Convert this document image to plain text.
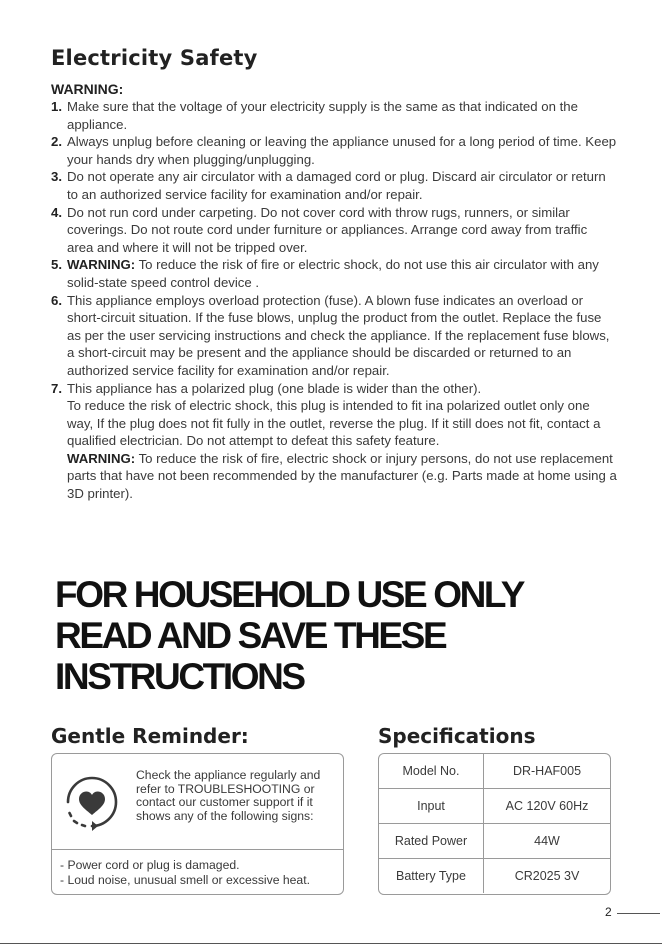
Electricity Safety
WARNING:
1. Make sure that the voltage of your electricity supply is the same as that indicated on the appliance.
2. Always unplug before cleaning or leaving the appliance unused for a long period of time. Keep your hands dry when plugging/unplugging.
3. Do not operate any air circulator with a damaged cord or plug. Discard air circulator or return to an authorized service facility for examination and/or repair.
4. Do not run cord under carpeting. Do not cover cord with throw rugs, runners, or similar coverings. Do not route cord under furniture or appliances. Arrange cord away from traffic area and where it will not be tripped over.
5. WARNING: To reduce the risk of fire or electric shock, do not use this air circulator with any solid-state speed control device .
6. This appliance employs overload protection (fuse). A blown fuse indicates an overload or short-circuit situation. If the fuse blows, unplug the product from the outlet. Replace the fuse as per the user servicing instructions and check the appliance. If the replacement fuse blows, a short-circuit may be present and the appliance should be discarded or returned to an authorized service facility for examination and/or repair.
7. This appliance has a polarized plug (one blade is wider than the other).
To reduce the risk of electric shock, this plug is intended to fit ina polarized outlet only one way, If the plug does not fit fully in the outlet, reverse the plug. If it still does not fit, contact a qualified electrician. Do not attempt to defeat this safety feature.
WARNING: To reduce the risk of fire, electric shock or injury persons, do not use replacement parts that have not been recommended by the manufacturer (e.g. Parts made at home using a 3D printer).
FOR HOUSEHOLD USE ONLY
READ AND SAVE THESE
INSTRUCTIONS
Gentle Reminder:	Specifications
Check the appliance regularly and refer to TROUBLESHOOTING or contact our customer support if it shows any of the following signs:
- Power cord or plug is damaged.
- Loud noise, unusual smell or excessive heat.
Model No.	DR-HAF005
Input	AC 120V 60Hz
Rated Power	44W
Battery Type	CR2025 3V
2
